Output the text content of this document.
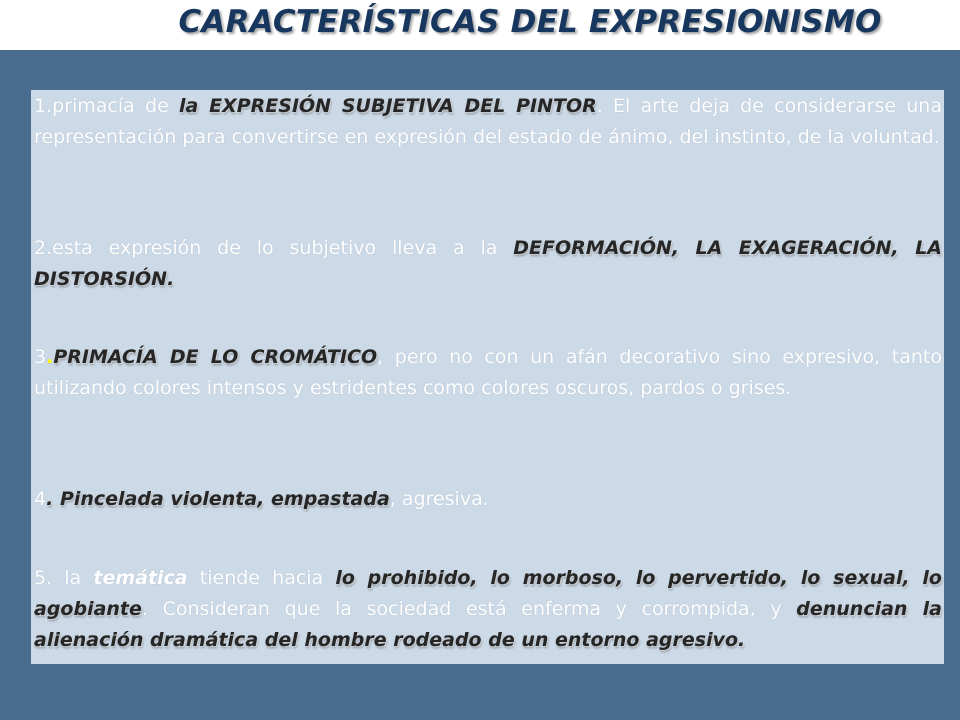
CARACTERÍSTICAS DEL EXPRESIONISMO

1.primacía de la EXPRESIÓN SUBJETIVA DEL PINTOR. El arte deja de considerarse una representación para convertirse en expresión del estado de ánimo, del instinto, de la voluntad.

2.esta expresión de lo subjetivo lleva a la DEFORMACIÓN, LA EXAGERACIÓN, LA DISTORSIÓN.

3.PRIMACÍA DE LO CROMÁTICO, pero no con un afán decorativo sino expresivo, tanto utilizando colores intensos y estridentes como colores oscuros, pardos o grises.

4. Pincelada violenta, empastada, agresiva.

5. la temática tiende hacia lo prohibido, lo morboso, lo pervertido, lo sexual, lo agobiante. Consideran que la sociedad está enferma y corrompida, y denuncian la alienación dramática del hombre rodeado de un entorno agresivo.
